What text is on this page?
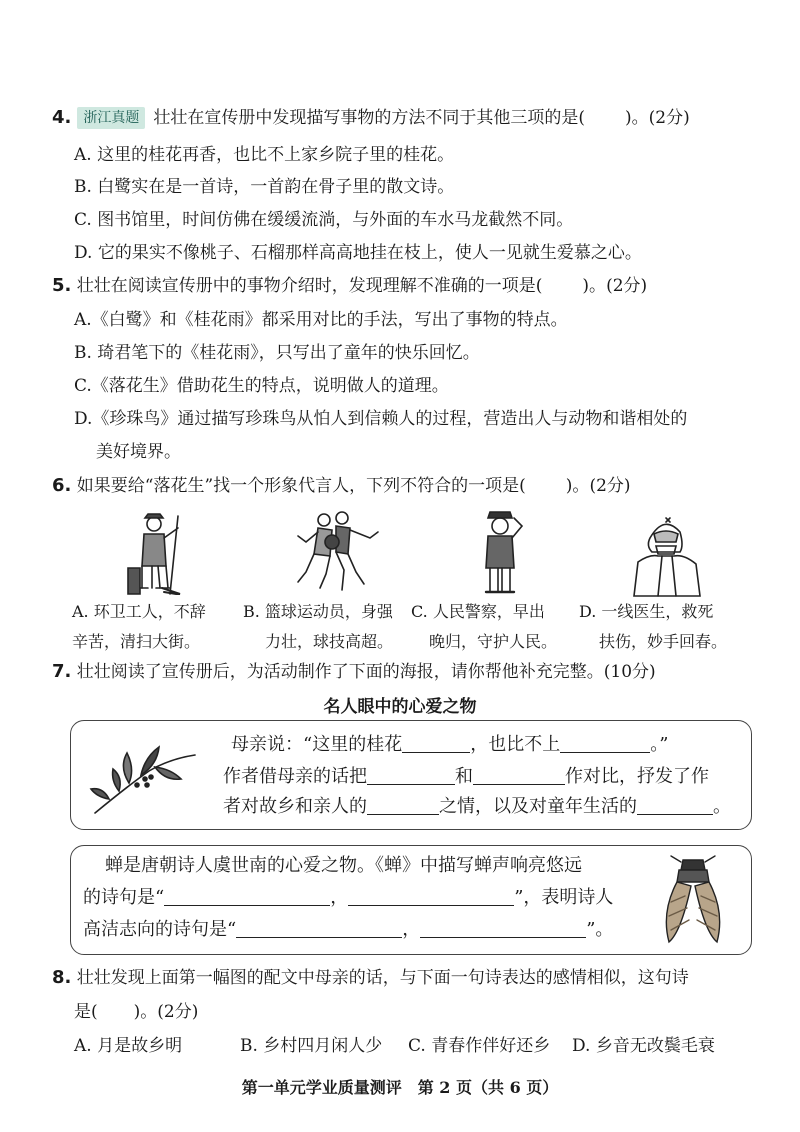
4. 浙江真题 壮壮在宣传册中发现描写事物的方法不同于其他三项的是( )。(2分)
A. 这里的桂花再香，也比不上家乡院子里的桂花。
B. 白鹭实在是一首诗，一首韵在骨子里的散文诗。
C. 图书馆里，时间仿佛在缓缓流淌，与外面的车水马龙截然不同。
D. 它的果实不像桃子、石榴那样高高地挂在枝上，使人一见就生爱慕之心。
5. 壮壮在阅读宣传册中的事物介绍时，发现理解不准确的一项是( )。(2分)
A.《白鹭》和《桂花雨》都采用对比的手法，写出了事物的特点。
B. 琦君笔下的《桂花雨》，只写出了童年的快乐回忆。
C.《落花生》借助花生的特点，说明做人的道理。
D.《珍珠鸟》通过描写珍珠鸟从怕人到信赖人的过程，营造出人与动物和谐相处的
美好境界。
6. 如果要给“落花生”找一个形象代言人，下列不符合的一项是( )。(2分)
A. 环卫工人，不辞
辛苦，清扫大街。
B. 篮球运动员，身强
力壮，球技高超。
C. 人民警察，早出
晚归，守护人民。
D. 一线医生，救死
扶伤，妙手回春。
7. 壮壮阅读了宣传册后，为活动制作了下面的海报，请你帮他补充完整。(10分)
名人眼中的心爱之物
母亲说：“这里的桂花	，也比不上	。”
作者借母亲的话把	和	作对比，抒发了作
者对故乡和亲人的	之情，以及对童年生活的	。
蝉是唐朝诗人虞世南的心爱之物。《蝉》中描写蝉声响亮悠远
的诗句是“	，	”，表明诗人
高洁志向的诗句是“	，	”。
8. 壮壮发现上面第一幅图的配文中母亲的话，与下面一句诗表达的感情相似，这句诗
是( )。(2分)
A. 月是故乡明	B. 乡村四月闲人少 C. 青春作伴好还乡 D. 乡音无改鬓毛衰
第一单元学业质量测评　第 2 页（共 6 页）
